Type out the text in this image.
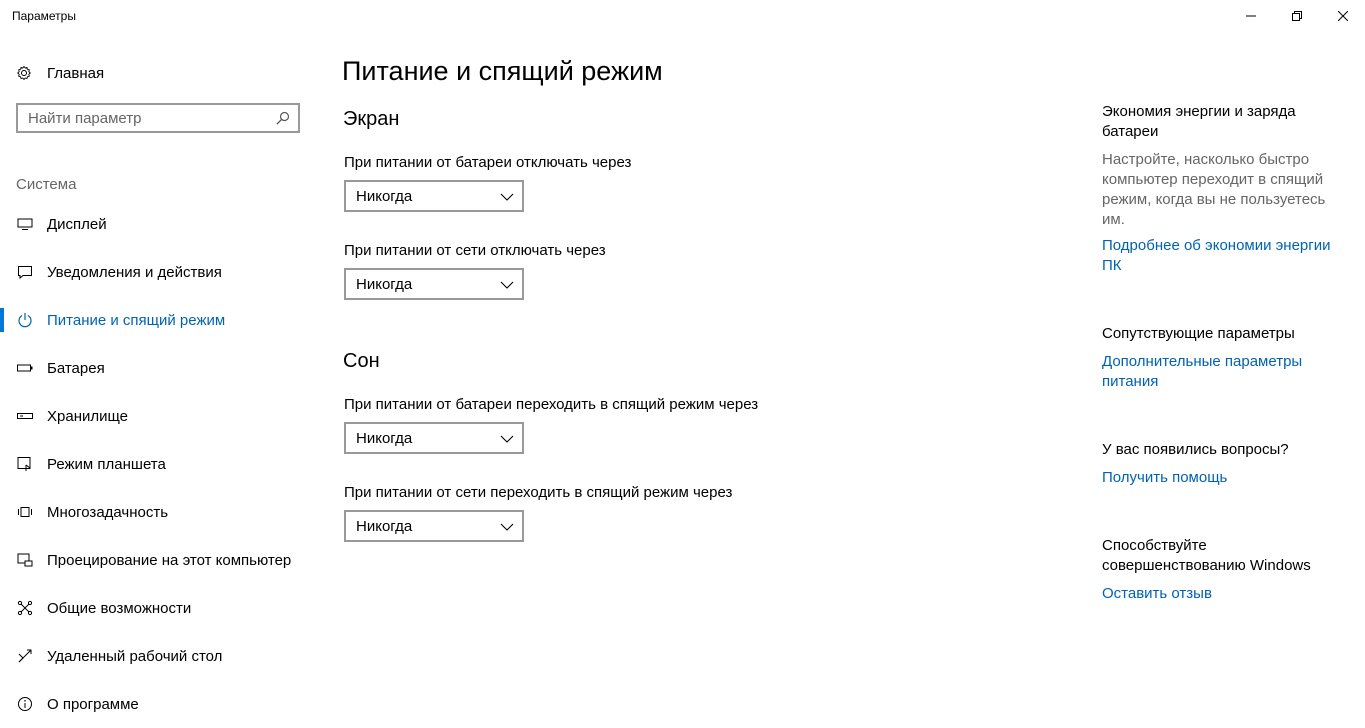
Параметры
Главная
Найти параметр
Система
Дисплей
Уведомления и действия
Питание и спящий режим
Батарея
Хранилище
Режим планшета
Многозадачность
Проецирование на этот компьютер
Общие возможности
Удаленный рабочий стол
О программе
Питание и спящий режим
Экран
При питании от батареи отключать через
Никогда
При питании от сети отключать через
Никогда
Сон
При питании от батареи переходить в спящий режим через
Никогда
При питании от сети переходить в спящий режим через
Никогда
Экономия энергии и заряда батареи
Настройте, насколько быстро компьютер переходит в спящий режим, когда вы не пользуетесь им.
Подробнее об экономии энергии ПК
Сопутствующие параметры
Дополнительные параметры питания
У вас появились вопросы?
Получить помощь
Способствуйте совершенствованию Windows
Оставить отзыв
